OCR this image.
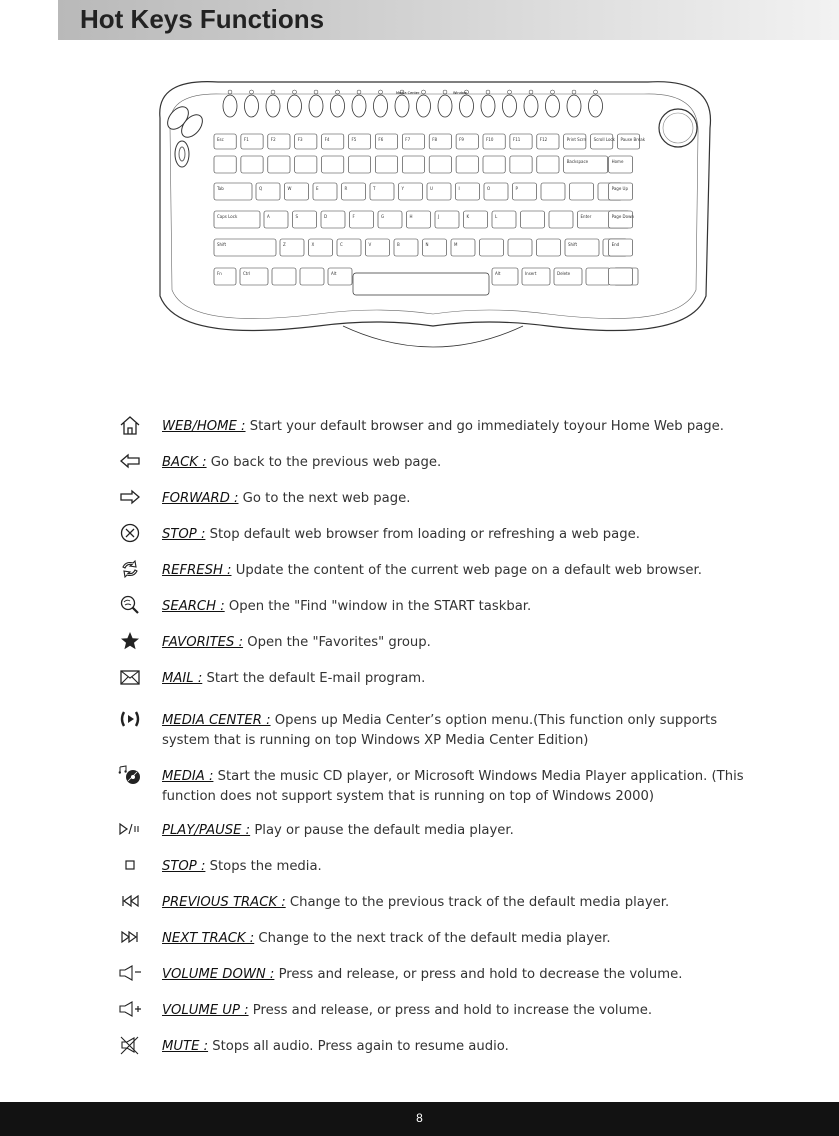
Hot Keys Functions
Media Center	Window
Esc	F1	F2	F3	F4	F5	F6	F7	F8	F9	F10	F11	F12	Print Scrn Scroll Lock Pause Break
Backspace	Home
Tab	Q	W	E	R	T	Y	U	I	O	P	Page Up
Caps Lock	A	S	D	F	G	H	J	K	L	Enter	Page Down
Shift	Z	X	C	V	B	N	M	Shift	End
Fn	Ctrl	Alt	Alt	Insert	Delete
WEB/HOME : Start your default browser and go immediately toyour Home Web page.
BACK : Go back to the previous web page.
FORWARD : Go to the next web page.
STOP : Stop default web browser from loading or refreshing a web page.
REFRESH : Update the content of the current web page on a default web browser.
SEARCH : Open the "Find "window in the START taskbar.
FAVORITES : Open the "Favorites" group.
MAIL : Start the default E-mail program.
MEDIA CENTER : Opens up Media Center’s option menu.(This function only supports system that is running on top Windows XP Media Center Edition)
MEDIA : Start the music CD player, or Microsoft Windows Media Player application. (This function does not support system that is running on top of Windows 2000)
PLAY/PAUSE : Play or pause the default media player.
STOP : Stops the media.
PREVIOUS TRACK : Change to the previous track of the default media player.
NEXT TRACK : Change to the next track of the default media player.
VOLUME DOWN : Press and release, or press and hold to decrease the volume.
VOLUME UP : Press and release, or press and hold to increase the volume.
MUTE : Stops all audio. Press again to resume audio.
8
